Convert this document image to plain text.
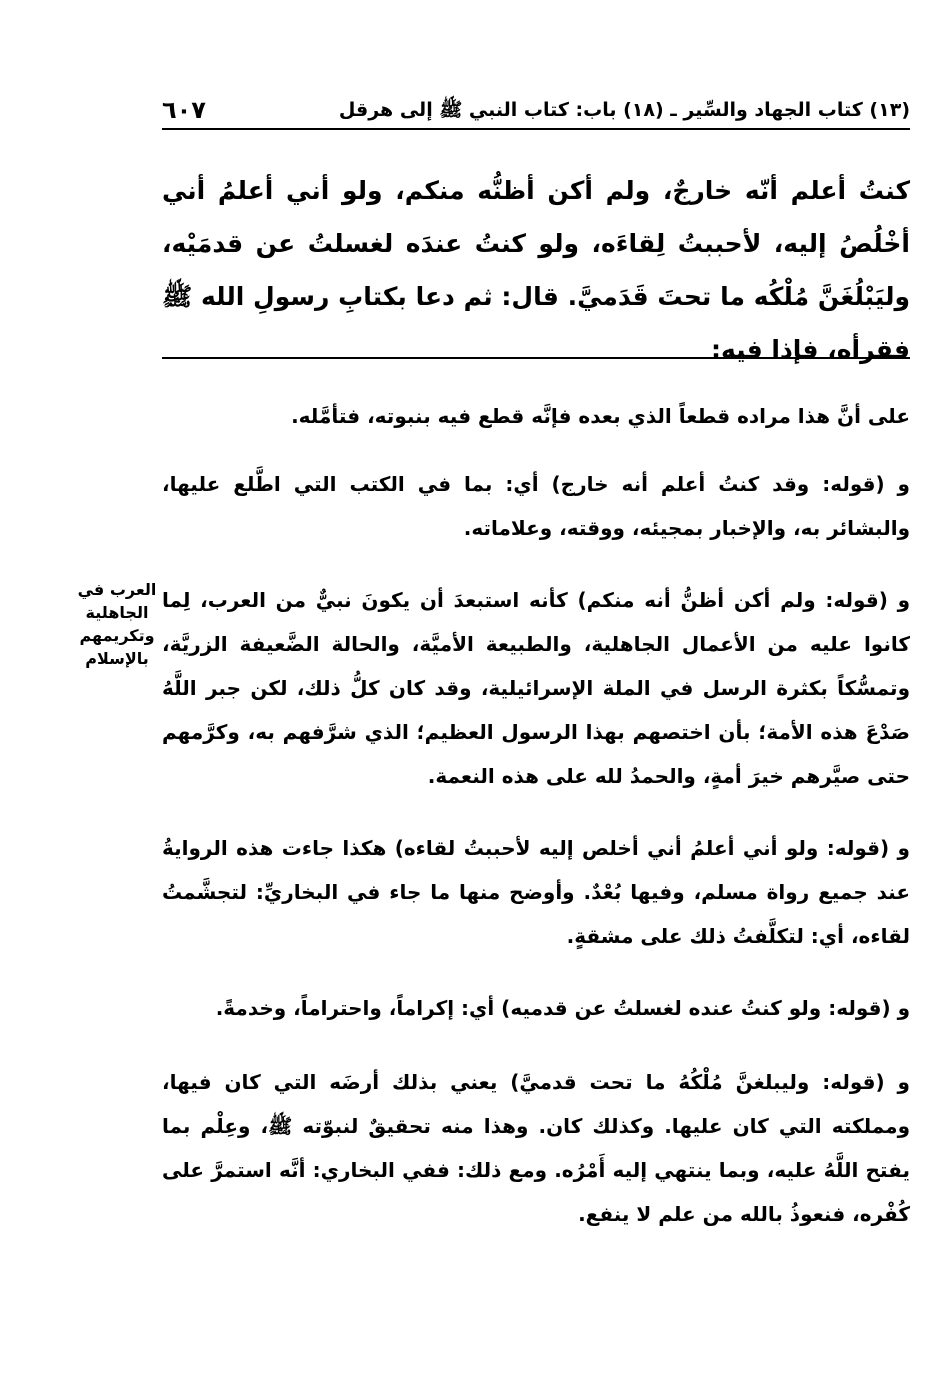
(١٣) كتاب الجهاد والسِّير ـ (١٨) باب: كتاب النبي ﷺ إلى هرقل
٦٠٧

كنتُ أعلم أنّه خارجٌ، ولم أكن أظنُّه منكم، ولو أني أعلمُ أني أخْلُصُ إليه، لأحببتُ لِقاءَه، ولو كنتُ عندَه لغسلتُ عن قدمَيْه، وليَبْلُغَنَّ مُلْكُه ما تحتَ قَدَميَّ. قال: ثم دعا بكتابِ رسولِ الله ﷺ فقرأه، فإذا فيه:

على أنَّ هذا مراده قطعاً الذي بعده فإنَّه قطع فيه بنبوته، فتأمَّله.

و (قوله: وقد كنتُ أعلم أنه خارج) أي: بما في الكتب التي اطَّلع عليها، والبشائر به، والإخبار بمجيئه، ووقته، وعلاماته.

و (قوله: ولم أكن أظنُّ أنه منكم) كأنه استبعدَ أن يكونَ نبيٌّ من العرب، لِما كانوا عليه من الأعمال الجاهلية، والطبيعة الأميَّة، والحالة الضَّعيفة الزريَّة، وتمسُّكاً بكثرة الرسل في الملة الإسرائيلية، وقد كان كلُّ ذلك، لكن جبر اللَّهُ صَدْعَ هذه الأمة؛ بأن اختصهم بهذا الرسول العظيم؛ الذي شرَّفهم به، وكرَّمهم حتى صيَّرهم خيرَ أمةٍ، والحمدُ لله على هذه النعمة.

و (قوله: ولو أني أعلمُ أني أخلص إليه لأحببتُ لقاءه) هكذا جاءت هذه الروايةُ عند جميع رواة مسلم، وفيها بُعْدٌ. وأوضح منها ما جاء في البخاريِّ: لتجشَّمتُ لقاءه، أي: لتكلَّفتُ ذلك على مشقةٍ.

و (قوله: ولو كنتُ عنده لغسلتُ عن قدميه) أي: إكراماً، واحتراماً، وخدمةً.

و (قوله: وليبلغنَّ مُلْكُهُ ما تحت قدميَّ) يعني بذلك أرضَه التي كان فيها، ومملكته التي كان عليها. وكذلك كان. وهذا منه تحقيقٌ لنبوّته ﷺ، وعِلْم بما يفتح اللَّهُ عليه، وبما ينتهي إليه أَمْرُه. ومع ذلك: ففي البخاري: أنَّه استمرَّ على كُفْره، فنعوذُ بالله من علم لا ينفع.

العرب في الجاهلية وتكريمهم بالإسلام
